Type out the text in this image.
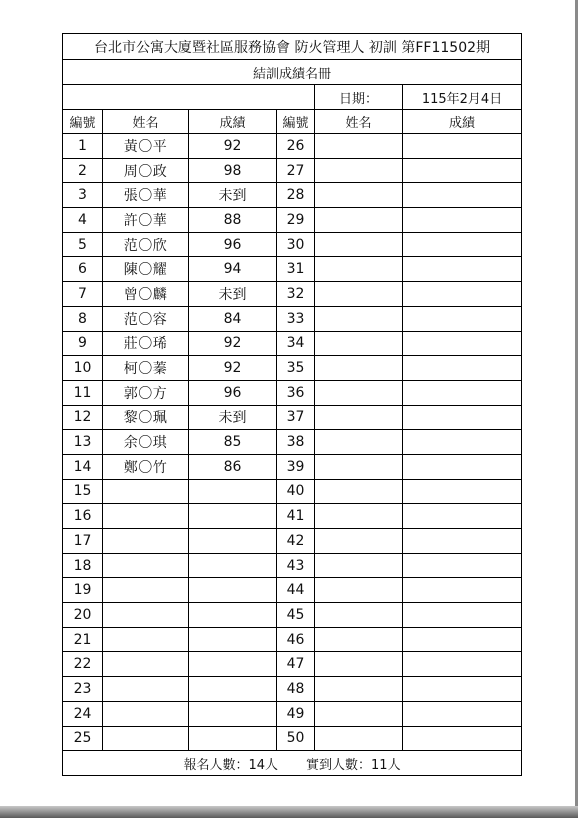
台北市公寓大廈暨社區服務協會 防火管理人 初訓 第FF11502期					
結訓成績名冊					
				日期：	115年2月4日
編號	姓名	成績	編號	姓名	成績
1	黃〇平	92	26		
2	周〇政	98	27		
3	張〇華	未到	28		
4	許〇華	88	29		
5	范〇欣	96	30		
6	陳〇耀	94	31		
7	曾〇麟	未到	32		
8	范〇容	84	33		
9	莊〇琋	92	34		
10	柯〇蓁	92	35		
11	郭〇方	96	36		
12	黎〇珮	未到	37		
13	余〇琪	85	38		
14	鄭〇竹	86	39		
15			40		
16			41		
17			42		
18			43		
19			44		
20			45		
21			46		
22			47		
23			48		
24			49		
25			50		
報名人數：14人 實到人數：11人					
